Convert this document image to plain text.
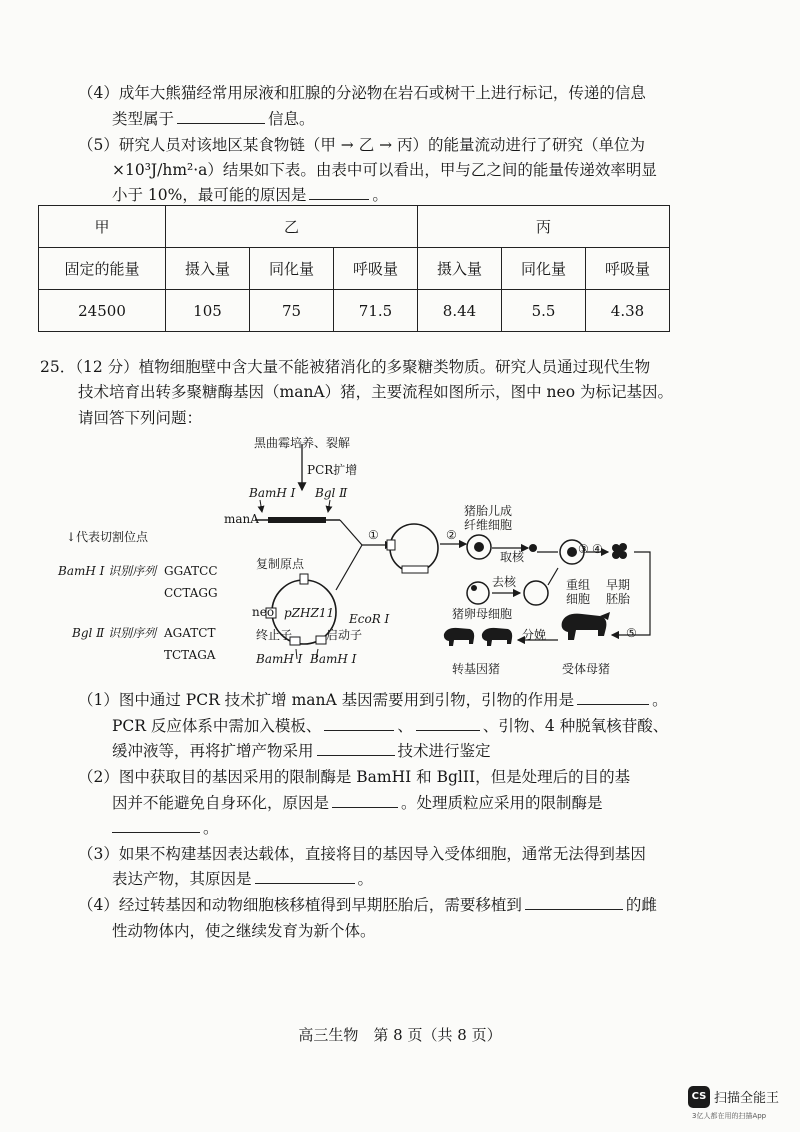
（4）成年大熊猫经常用尿液和肛腺的分泌物在岩石或树干上进行标记，传递的信息
类型属于	信息。
（5）研究人员对该地区某食物链（甲 → 乙 → 丙）的能量流动进行了研究（单位为
×10³J/hm²·a）结果如下表。由表中可以看出，甲与乙之间的能量传递效率明显
小于 10%，最可能的原因是	。
甲	乙			丙		
固定的能量	摄入量	同化量	呼吸量	摄入量	同化量	呼吸量
24500	105	75	71.5	8.44	5.5	4.38
25．（12 分）植物细胞壁中含大量不能被猪消化的多聚糖类物质。研究人员通过现代生物
技术培育出转多聚糖酶基因（manA）猪，主要流程如图所示，图中 neo 为标记基因。
请回答下列问题：
黑曲霉培养、裂解
PCR扩增
BamH Ⅰ Bgl Ⅱ
manA
↓代表切割位点
BamH Ⅰ 识别序列 GGATCC
CCTAGG
Bgl Ⅱ 识别序列 AGATCT
TCTAGA
复制原点
neo pZHZ11 EcoR Ⅰ
终止子	启动子
BamH Ⅰ BamH Ⅰ
①	②
③ ④
⑤
猪胎儿成
纤维细胞
取核
去核
猪卵母细胞
重组
细胞
早期
胚胎
分娩
转基因猪	受体母猪
（1）图中通过 PCR 技术扩增 manA 基因需要用到引物，引物的作用是	。
PCR 反应体系中需加入模板、	、	、引物、4 种脱氧核苷酸、
缓冲液等，再将扩增产物采用	技术进行鉴定
（2）图中获取目的基因采用的限制酶是 BamHI 和 BglII，但是处理后的目的基
因并不能避免自身环化，原因是	。处理质粒应采用的限制酶是
。
（3）如果不构建基因表达载体，直接将目的基因导入受体细胞，通常无法得到基因
表达产物，其原因是	。
（4）经过转基因和动物细胞核移植得到早期胚胎后，需要移植到	的雌
性动物体内，使之继续发育为新个体。
高三生物　第 8 页（共 8 页）
CS 扫描全能王
3亿人都在用的扫描App
